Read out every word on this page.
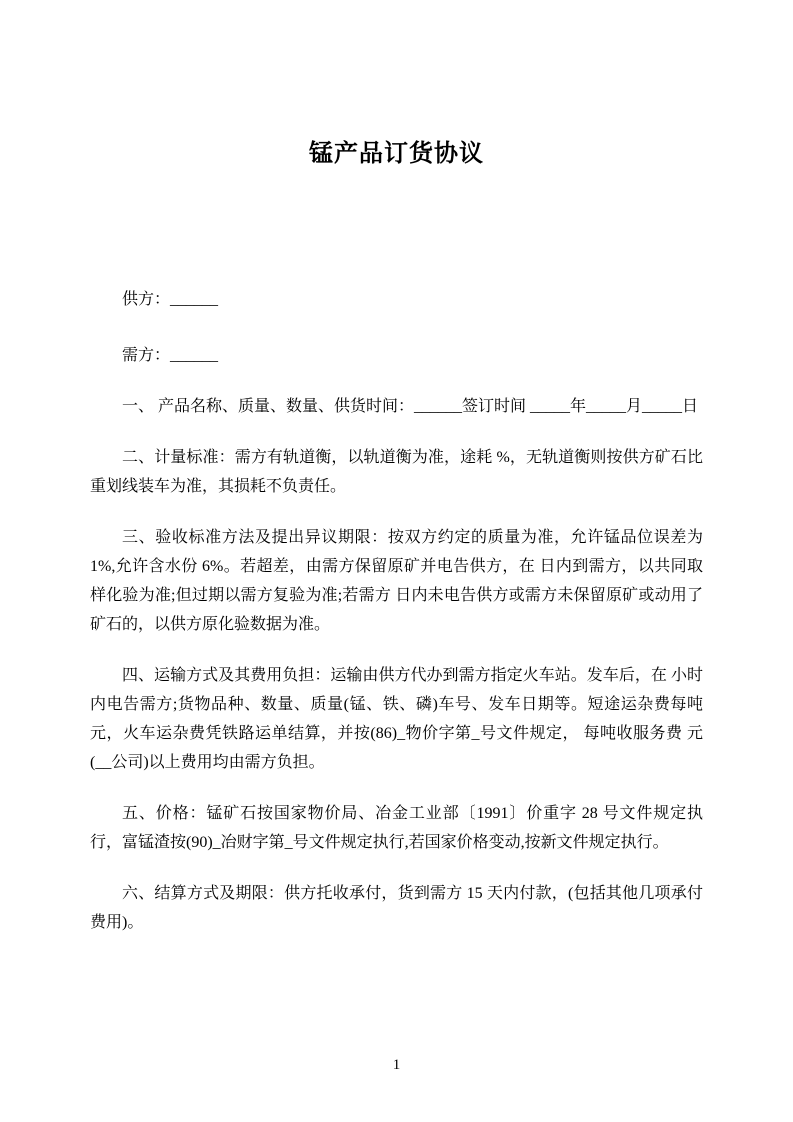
锰产品订货协议

供方：______

需方：______

一、 产品名称、质量、数量、供货时间：______签订时间 _____年_____月_____日

二、计量标准：需方有轨道衡，以轨道衡为准，途耗 %，无轨道衡则按供方矿石比重划线装车为准，其损耗不负责任。

三、验收标准方法及提出异议期限：按双方约定的质量为准，允许锰品位误差为1%,允许含水份 6%。若超差，由需方保留原矿并电告供方，在 日内到需方，以共同取样化验为准;但过期以需方复验为准;若需方 日内未电告供方或需方未保留原矿或动用了矿石的，以供方原化验数据为准。

四、运输方式及其费用负担：运输由供方代办到需方指定火车站。发车后，在 小时内电告需方;货物品种、数量、质量(锰、铁、磷)车号、发车日期等。短途运杂费每吨 元，火车运杂费凭铁路运单结算，并按(86)_物价字第_号文件规定， 每吨收服务费 元(__公司)以上费用均由需方负担。

五、价格：锰矿石按国家物价局、冶金工业部〔1991〕价重字 28 号文件规定执行，富锰渣按(90)_冶财字第_号文件规定执行,若国家价格变动,按新文件规定执行。

六、结算方式及期限：供方托收承付，货到需方 15 天内付款，(包括其他几项承付费用)。

1
